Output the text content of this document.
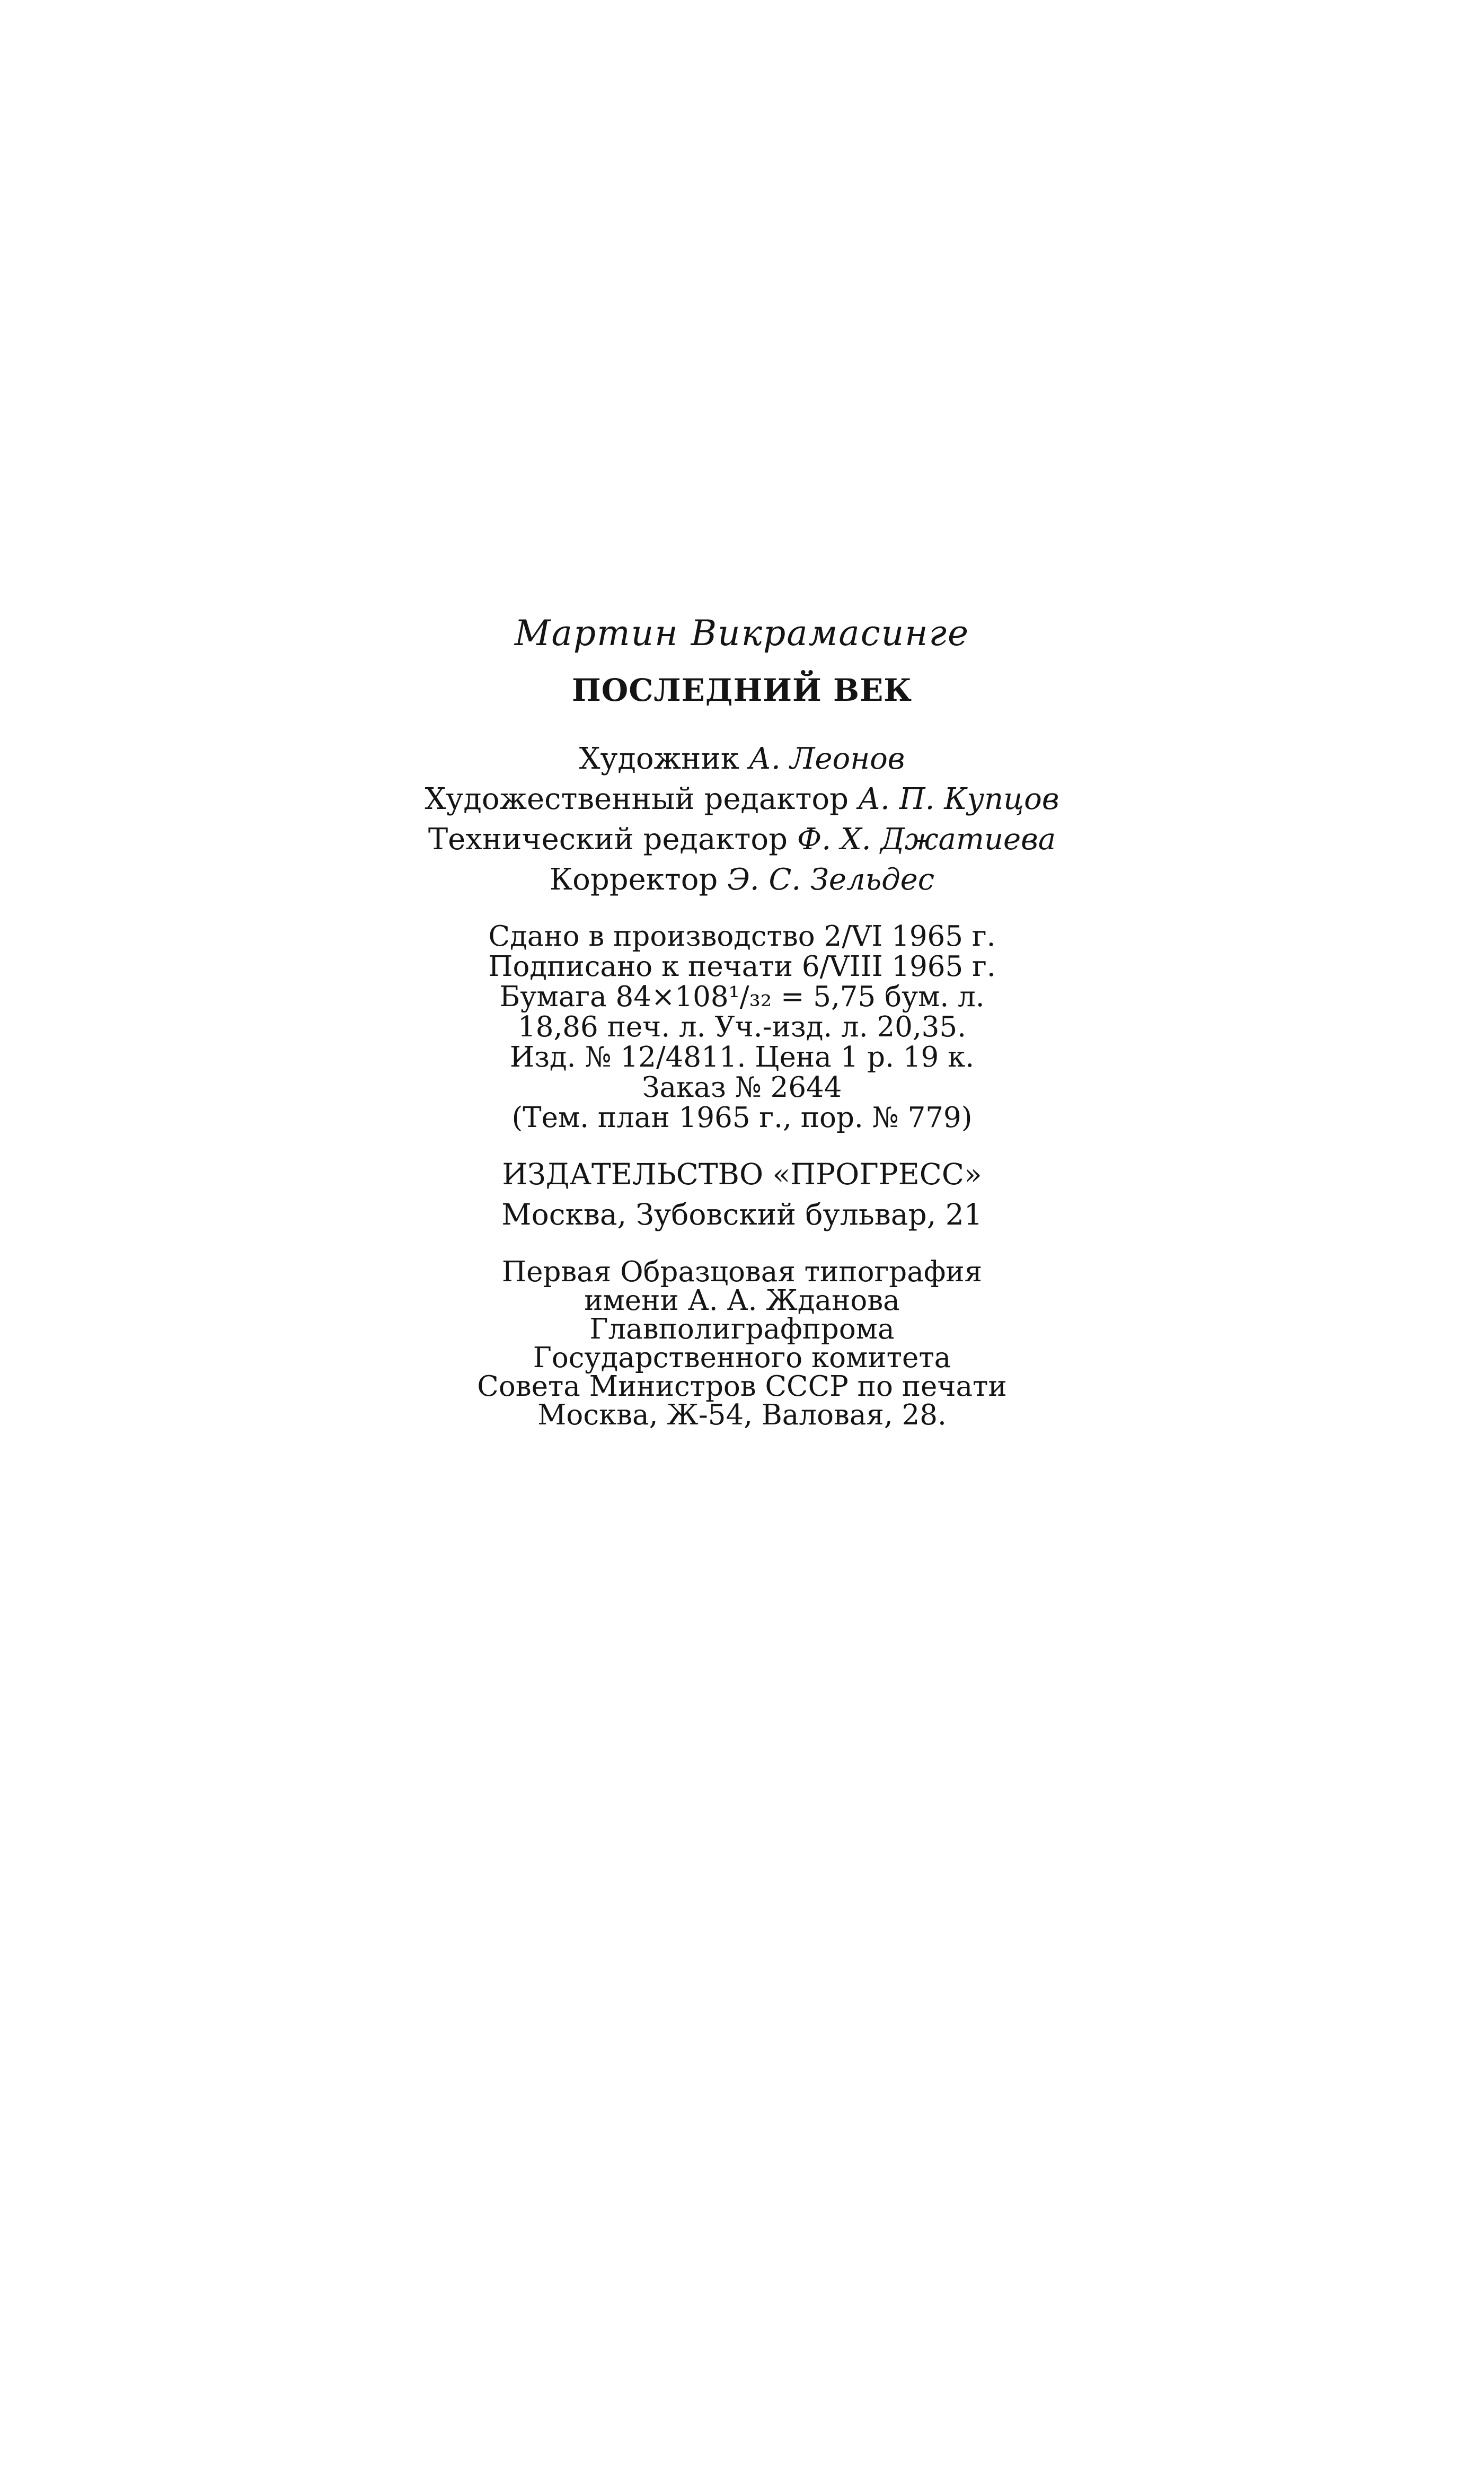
Мартин Викрамасинге
ПОСЛЕДНИЙ ВЕК
Художник А. Леонов
Художественный редактор А. П. Купцов
Технический редактор Ф. Х. Джатиева
Корректор Э. С. Зельдес
Сдано в производство 2/VI 1965 г.
Подписано к печати 6/VIII 1965 г.
Бумага 84×108¹/₃₂ = 5,75 бум. л.
18,86 печ. л. Уч.-изд. л. 20,35.
Изд. № 12/4811. Цена 1 р. 19 к.
Заказ № 2644
(Тем. план 1965 г., пор. № 779)
ИЗДАТЕЛЬСТВО «ПРОГРЕСС»
Москва, Зубовский бульвар, 21
Первая Образцовая типография
имени А. А. Жданова
Главполиграфпрома
Государственного комитета
Совета Министров СССР по печати
Москва, Ж-54, Валовая, 28.
